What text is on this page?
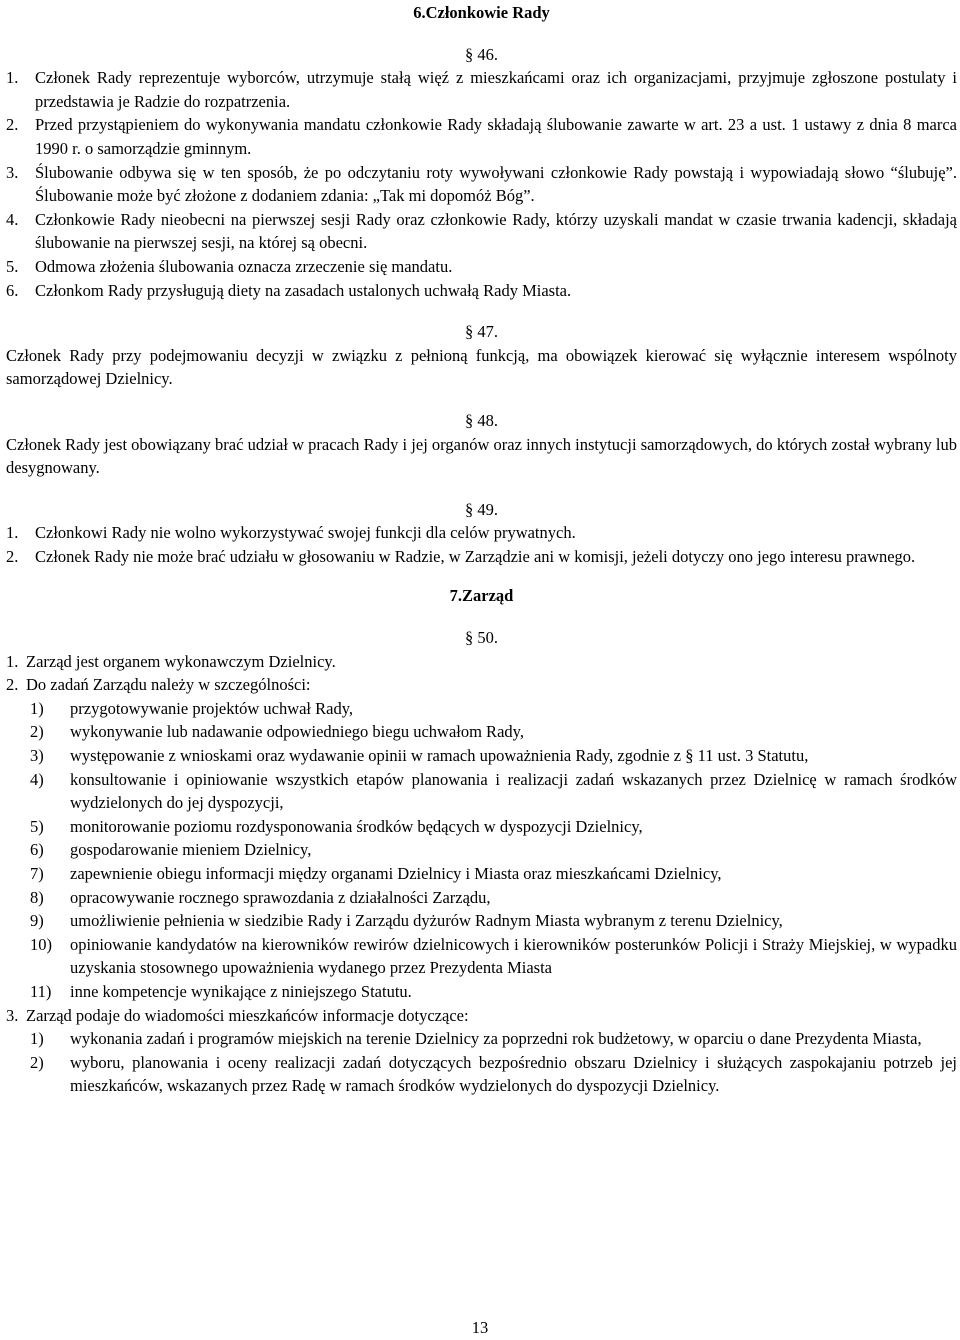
6.Członkowie Rady

§ 46.

1.	Członek Rady reprezentuje wyborców, utrzymuje stałą więź z mieszkańcami oraz ich organizacjami, przyjmuje zgłoszone postulaty i przedstawia je Radzie do rozpatrzenia.
2.	Przed przystąpieniem do wykonywania mandatu członkowie Rady składają ślubowanie zawarte w art. 23 a ust. 1 ustawy z dnia 8 marca 1990 r. o samorządzie gminnym.
3.	Ślubowanie odbywa się w ten sposób, że po odczytaniu roty wywoływani członkowie Rady powstają i wypowiadają słowo “ślubuję”. Ślubowanie może być złożone z dodaniem zdania: „Tak mi dopomóż Bóg”.
4.	Członkowie Rady nieobecni na pierwszej sesji Rady oraz członkowie Rady, którzy uzyskali mandat w czasie trwania kadencji, składają ślubowanie na pierwszej sesji, na której są obecni.
5.	Odmowa złożenia ślubowania oznacza zrzeczenie się mandatu.
6.	Członkom Rady przysługują diety na zasadach ustalonych uchwałą Rady Miasta.

§ 47.

Członek Rady przy podejmowaniu decyzji w związku z pełnioną funkcją, ma obowiązek kierować się wyłącznie interesem wspólnoty samorządowej Dzielnicy.

§ 48.

Członek Rady jest obowiązany brać udział w pracach Rady i jej organów oraz innych instytucji samorządowych, do których został wybrany lub desygnowany.

§ 49.

1.	Członkowi Rady nie wolno wykorzystywać swojej funkcji dla celów prywatnych.
2.	Członek Rady nie może brać udziału w głosowaniu w Radzie, w Zarządzie ani w komisji, jeżeli dotyczy ono jego interesu prawnego.

7.Zarząd

§ 50.

1. Zarząd jest organem wykonawczym Dzielnicy.
2. Do zadań Zarządu należy w szczególności:
1)	przygotowywanie projektów uchwał Rady,
2)	wykonywanie lub nadawanie odpowiedniego biegu uchwałom Rady,
3)	występowanie z wnioskami oraz wydawanie opinii w ramach upoważnienia Rady, zgodnie z § 11 ust. 3 Statutu,
4)	konsultowanie i opiniowanie wszystkich etapów planowania i realizacji zadań wskazanych przez Dzielnicę w ramach środków wydzielonych do jej dyspozycji,
5)	monitorowanie poziomu rozdysponowania środków będących w dyspozycji Dzielnicy,
6)	gospodarowanie mieniem Dzielnicy,
7)	zapewnienie obiegu informacji między organami Dzielnicy i Miasta oraz mieszkańcami Dzielnicy,
8)	opracowywanie rocznego sprawozdania z działalności Zarządu,
9)	umożliwienie pełnienia w siedzibie Rady i Zarządu dyżurów Radnym Miasta wybranym z terenu Dzielnicy,
10)	opiniowanie kandydatów na kierowników rewirów dzielnicowych i kierowników posterunków Policji i Straży Miejskiej, w wypadku uzyskania stosownego upoważnienia wydanego przez Prezydenta Miasta
11)	inne kompetencje wynikające z niniejszego Statutu.
3. Zarząd podaje do wiadomości mieszkańców informacje dotyczące:
1)	wykonania zadań i programów miejskich na terenie Dzielnicy za poprzedni rok budżetowy, w oparciu o dane Prezydenta Miasta,
2)	wyboru, planowania i oceny realizacji zadań dotyczących bezpośrednio obszaru Dzielnicy i służących zaspokajaniu potrzeb jej mieszkańców, wskazanych przez Radę w ramach środków wydzielonych do dyspozycji Dzielnicy.
13
